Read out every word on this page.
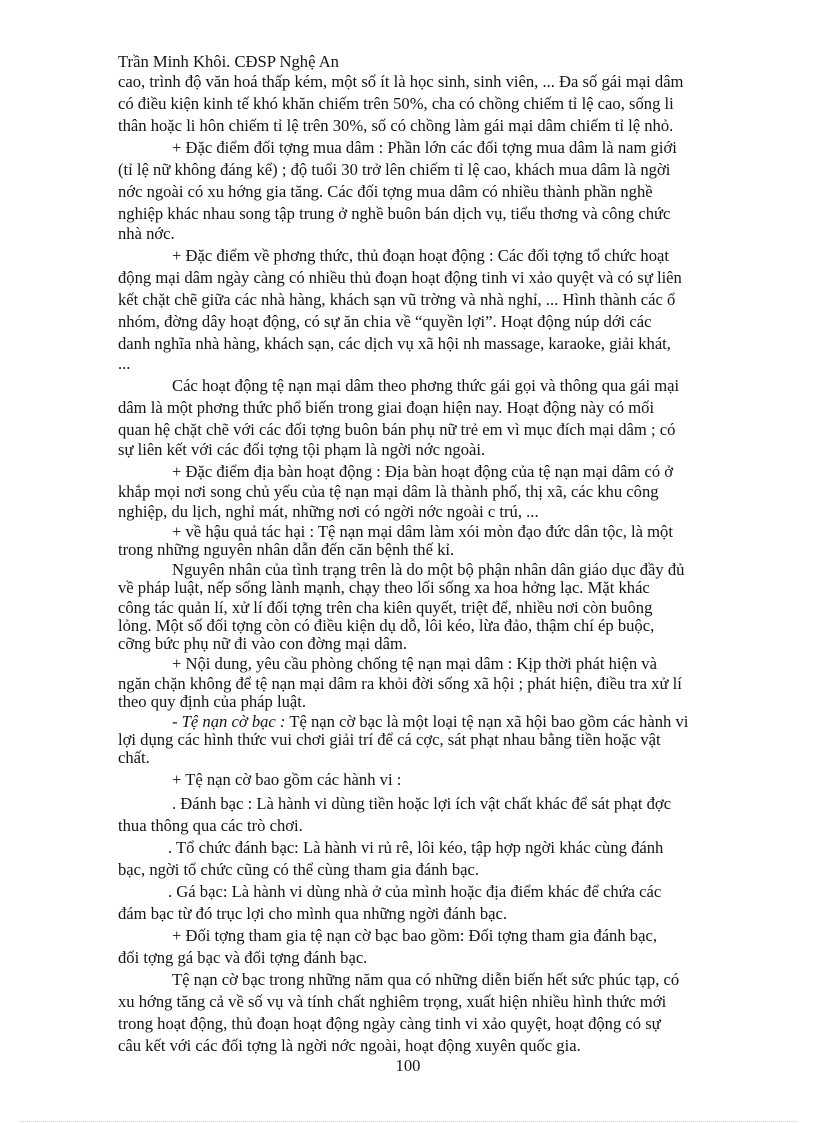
Trần Minh Khôi. CĐSP Nghệ An
cao, trình độ văn hoá thấp kém, một số ít là học sinh, sinh viên, ... Đa số gái mại dâm
có điều kiện kinh tế khó khăn chiếm trên 50%, cha có chồng chiếm tỉ lệ cao, sống li
thân hoặc li hôn chiếm tỉ lệ trên 30%, số có chồng làm gái mại dâm chiếm tỉ lệ nhỏ.
+ Đặc điểm đối tợng mua dâm : Phần lớn các đối tợng mua dâm là nam giới
(tỉ lệ nữ không đáng kể) ; độ tuổi 30 trở lên chiếm tỉ lệ cao, khách mua dâm là ngời
nớc ngoài có xu hớng gia tăng. Các đối tợng mua dâm có nhiều thành phần nghề
nghiệp khác nhau song tập trung ở nghề buôn bán dịch vụ, tiểu thơng và công chức
nhà nớc.
+ Đặc điểm về phơng thức, thủ đoạn hoạt động : Các đối tợng tổ chức hoạt
động mại dâm ngày càng có nhiều thủ đoạn hoạt động tinh vi xảo quyệt và có sự liên
kết chặt chẽ giữa các nhà hàng, khách sạn vũ trờng và nhà nghỉ, ... Hình thành các ổ
nhóm, đờng dây hoạt động, có sự ăn chia về “quyền lợi”. Hoạt động núp dới các
danh nghĩa nhà hàng, khách sạn, các dịch vụ xã hội nh massage, karaoke, giải khát,
...
Các hoạt động tệ nạn mại dâm theo phơng thức gái gọi và thông qua gái mại
dâm là một phơng thức phổ biến trong giai đoạn hiện nay. Hoạt động này có mối
quan hệ chặt chẽ với các đối tợng buôn bán phụ nữ trẻ em vì mục đích mại dâm ; có
sự liên kết với các đối tợng tội phạm là ngời nớc ngoài.
+ Đặc điểm địa bàn hoạt động : Địa bàn hoạt động của tệ nạn mại dâm có ở
khắp mọi nơi song chủ yếu của tệ nạn mại dâm là thành phố, thị xã, các khu công
nghiệp, du lịch, nghỉ mát, những nơi có ngời nớc ngoài c trú, ...
+ về hậu quả tác hại : Tệ nạn mại dâm làm xói mòn đạo đức dân tộc, là một
trong những nguyên nhân dẫn đến căn bệnh thế kỉ.
Nguyên nhân của tình trạng trên là do một bộ phận nhân dân giáo dục đầy đủ
về pháp luật, nếp sống lành mạnh, chạy theo lối sống xa hoa hởng lạc. Mặt khác
công tác quản lí, xử lí đối tợng trên cha kiên quyết, triệt để, nhiều nơi còn buông
lỏng. Một số đối tợng còn có điều kiện dụ dỗ, lôi kéo, lừa đảo, thậm chí ép buộc,
cỡng bức phụ nữ đi vào con đờng mại dâm.
+ Nội dung, yêu cầu phòng chống tệ nạn mại dâm : Kịp thời phát hiện và
ngăn chặn không để tệ nạn mại dâm ra khỏi đời sống xã hội ; phát hiện, điều tra xử lí
theo quy định của pháp luật.
- Tệ nạn cờ bạc : Tệ nạn cờ bạc là một loại tệ nạn xã hội bao gồm các hành vi
lợi dụng các hình thức vui chơi giải trí để cá cợc, sát phạt nhau bằng tiền hoặc vật
chất.
+ Tệ nạn cờ bao gồm các hành vi :
. Đánh bạc : Là hành vi dùng tiền hoặc lợi ích vật chất khác để sát phạt đợc
thua thông qua các trò chơi.
. Tổ chức đánh bạc: Là hành vi rủ rê, lôi kéo, tập hợp ngời khác cùng đánh
bạc, ngời tổ chức cũng có thể cùng tham gia đánh bạc.
. Gá bạc: Là hành vi dùng nhà ở của mình hoặc địa điểm khác để chứa các
đám bạc từ đó trục lợi cho mình qua những ngời đánh bạc.
+ Đối tợng tham gia tệ nạn cờ bạc bao gồm: Đối tợng tham gia đánh bạc,
đối tợng gá bạc và đối tợng đánh bạc.
Tệ nạn cờ bạc trong những năm qua có những diễn biến hết sức phúc tạp, có
xu hớng tăng cả về số vụ và tính chất nghiêm trọng, xuất hiện nhiều hình thức mới
trong hoạt động, thủ đoạn hoạt động ngày càng tinh vi xảo quyệt, hoạt động có sự
câu kết với các đối tợng là ngời nớc ngoài, hoạt động xuyên quốc gia.
100
